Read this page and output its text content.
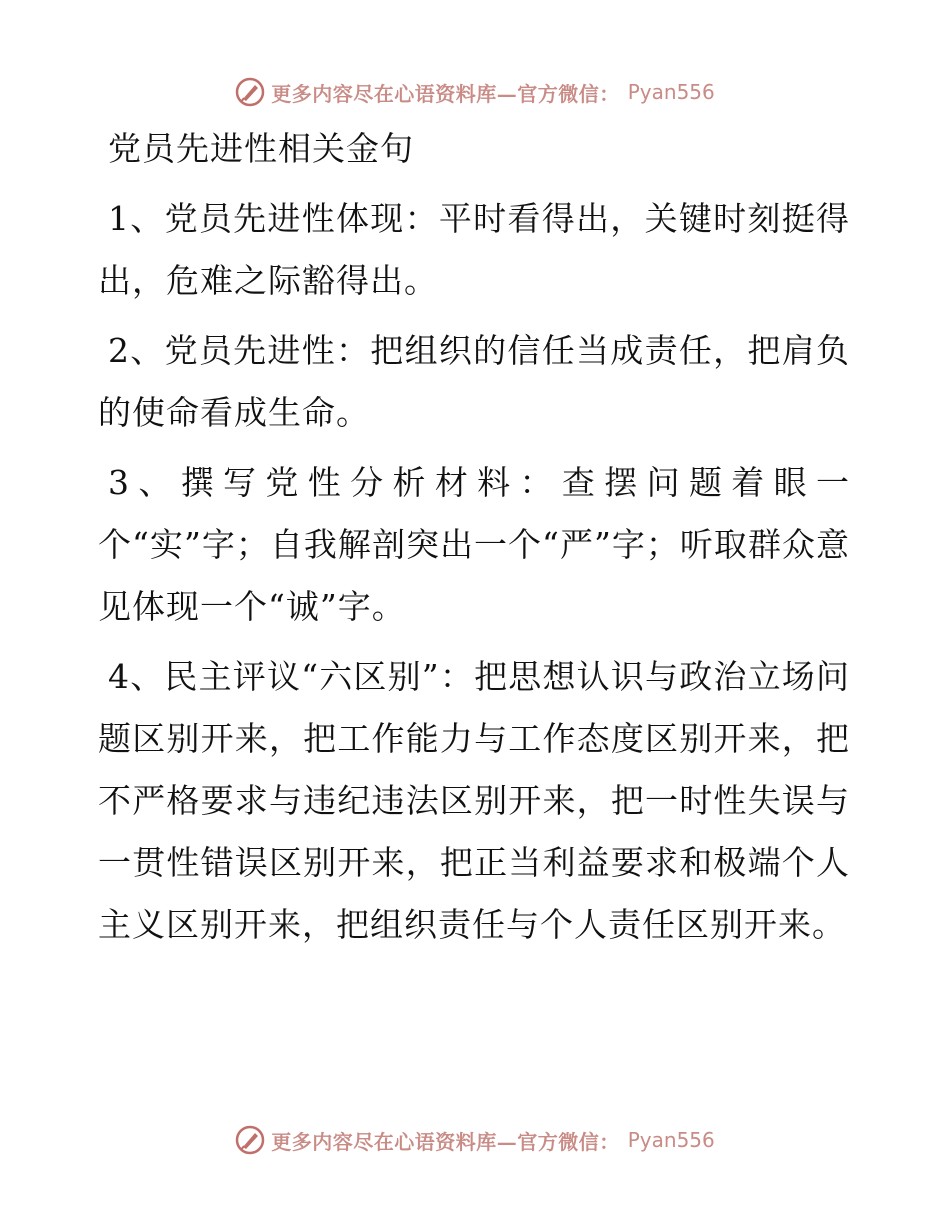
更多内容尽在心语资料库—官方微信： Pyan556
党员先进性相关金句

1、党员先进性体现：平时看得出，关键时刻挺得出，危难之际豁得出。

2、党员先进性：把组织的信任当成责任，把肩负的使命看成生命。

3、撰写党性分析材料：查摆问题着眼一个“实”字；自我解剖突出一个“严”字；听取群众意见体现一个“诚”字。

4、民主评议“六区别”：把思想认识与政治立场问题区别开来，把工作能力与工作态度区别开来，把不严格要求与违纪违法区别开来，把一时性失误与一贯性错误区别开来，把正当利益要求和极端个人主义区别开来，把组织责任与个人责任区别开来。

更多内容尽在心语资料库—官方微信： Pyan556
